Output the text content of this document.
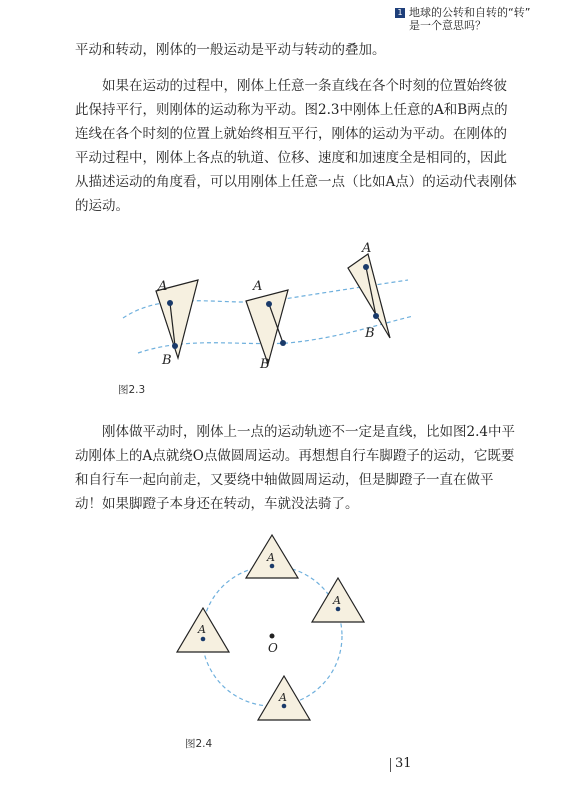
1 地球的公转和自转的“转”
是一个意思吗？

平动和转动，刚体的一般运动是平动与转动的叠加。

如果在运动的过程中，刚体上任意一条直线在各个时刻的位置始终彼此保持平行，则刚体的运动称为平动。图2.3中刚体上任意的A和B两点的连线在各个时刻的位置上就始终相互平行，刚体的运动为平动。在刚体的平动过程中，刚体上各点的轨道、位移、速度和加速度全是相同的，因此从描述运动的角度看，可以用刚体上任意一点（比如A点）的运动代表刚体的运动。

A
B
A
B
A
B
图2.3

刚体做平动时，刚体上一点的运动轨迹不一定是直线，比如图2.4中平动刚体上的A点就绕O点做圆周运动。再想想自行车脚蹬子的运动，它既要和自行车一起向前走，又要绕中轴做圆周运动，但是脚蹬子一直在做平动！如果脚蹬子本身还在转动，车就没法骑了。

O
A
A
A
A
图2.4
31
